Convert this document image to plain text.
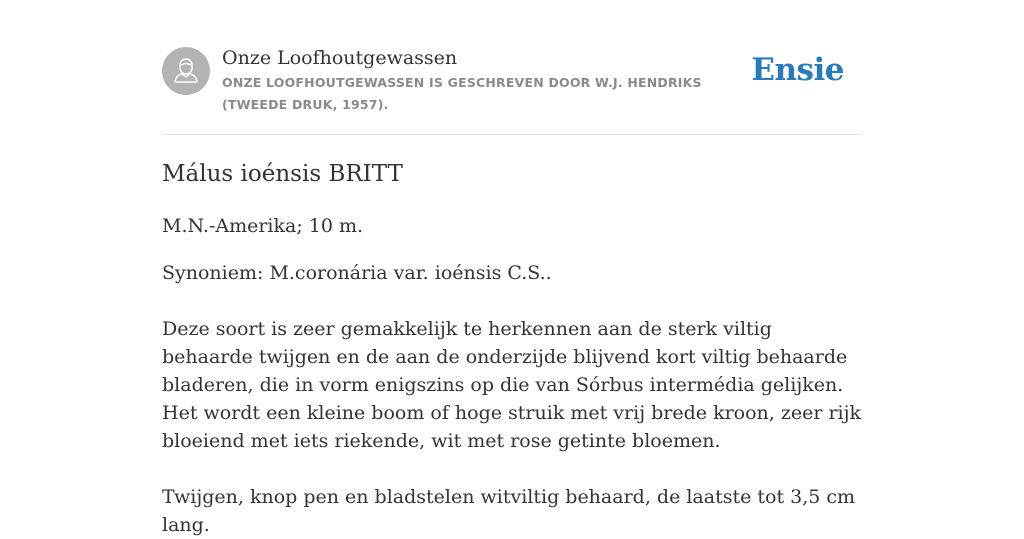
Onze Loofhoutgewassen

ONZE LOOFHOUTGEWASSEN IS GESCHREVEN DOOR W.J. HENDRIKS (TWEEDE DRUK, 1957).

Ensie
Málus ioénsis BRITT

M.N.-Amerika; 10 m.

Synoniem: M.coronária var. ioénsis C.S..

Deze soort is zeer gemakkelijk te herkennen aan de sterk viltig behaarde twijgen en de aan de onderzijde blijvend kort viltig behaarde bladeren, die in vorm enigszins op die van Sórbus intermédia gelijken. Het wordt een kleine boom of hoge struik met vrij brede kroon, zeer rijk bloeiend met iets riekende, wit met rose getinte bloemen.

Twijgen, knop pen en bladstelen witviltig behaard, de laatste tot 3,5 cm lang.
